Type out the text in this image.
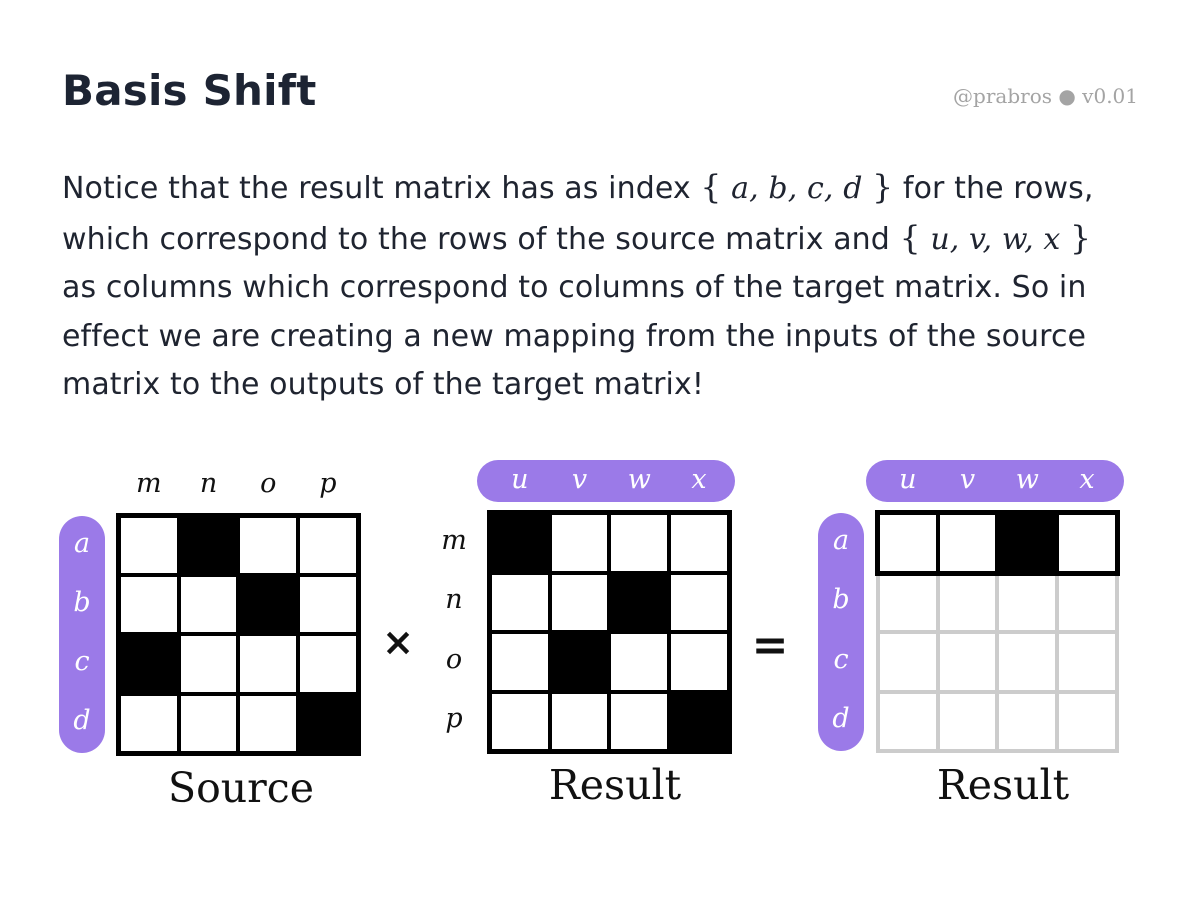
Basis Shift	@prabros ● v0.01
Notice that the result matrix has as index { a, b, c, d } for the rows,
which correspond to the rows of the source matrix and { u, v, w, x }
as columns which correspond to columns of the target matrix. So in
effect we are creating a new mapping from the inputs of the source
matrix to the outputs of the target matrix!
m	n	o	p
a
b
c
d
Source
u	v	w	x
m
n
o
p
Result
u	v	w	x
a
b
c
d
Result
×	=
